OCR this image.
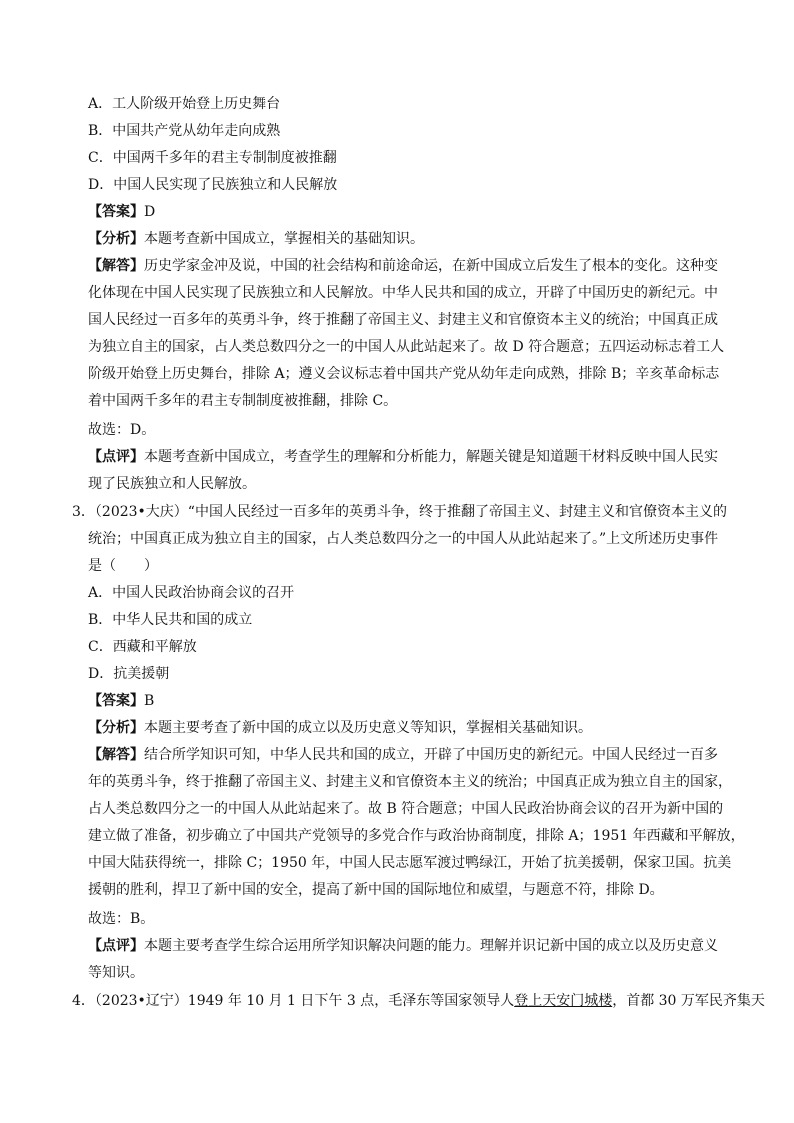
A．工人阶级开始登上历史舞台
B．中国共产党从幼年走向成熟
C．中国两千多年的君主专制制度被推翻
D．中国人民实现了民族独立和人民解放
【答案】D
【分析】本题考查新中国成立，掌握相关的基础知识。
【解答】历史学家金冲及说，中国的社会结构和前途命运，在新中国成立后发生了根本的变化。这种变
化体现在中国人民实现了民族独立和人民解放。中华人民共和国的成立，开辟了中国历史的新纪元。中
国人民经过一百多年的英勇斗争，终于推翻了帝国主义、封建主义和官僚资本主义的统治；中国真正成
为独立自主的国家，占人类总数四分之一的中国人从此站起来了。故 D 符合题意；五四运动标志着工人
阶级开始登上历史舞台，排除 A；遵义会议标志着中国共产党从幼年走向成熟，排除 B；辛亥革命标志
着中国两千多年的君主专制制度被推翻，排除 C。
故选：D。
【点评】本题考查新中国成立，考查学生的理解和分析能力，解题关键是知道题干材料反映中国人民实
现了民族独立和人民解放。
3．（2023•大庆）“中国人民经过一百多年的英勇斗争，终于推翻了帝国主义、封建主义和官僚资本主义的
统治；中国真正成为独立自主的国家，占人类总数四分之一的中国人从此站起来了。”上文所述历史事件
是（　　）
A．中国人民政治协商会议的召开
B．中华人民共和国的成立
C．西藏和平解放
D．抗美援朝
【答案】B
【分析】本题主要考查了新中国的成立以及历史意义等知识，掌握相关基础知识。
【解答】结合所学知识可知，中华人民共和国的成立，开辟了中国历史的新纪元。中国人民经过一百多
年的英勇斗争，终于推翻了帝国主义、封建主义和官僚资本主义的统治；中国真正成为独立自主的国家，
占人类总数四分之一的中国人从此站起来了。故 B 符合题意；中国人民政治协商会议的召开为新中国的
建立做了准备，初步确立了中国共产党领导的多党合作与政治协商制度，排除 A；1951 年西藏和平解放，
中国大陆获得统一，排除 C；1950 年，中国人民志愿军渡过鸭绿江，开始了抗美援朝，保家卫国。抗美
援朝的胜利，捍卫了新中国的安全，提高了新中国的国际地位和威望，与题意不符，排除 D。
故选：B。
【点评】本题主要考查学生综合运用所学知识解决问题的能力。理解并识记新中国的成立以及历史意义
等知识。
4．（2023•辽宁）1949 年 10 月 1 日下午 3 点，毛泽东等国家领导人登上天安门城楼，首都 30 万军民齐集天
